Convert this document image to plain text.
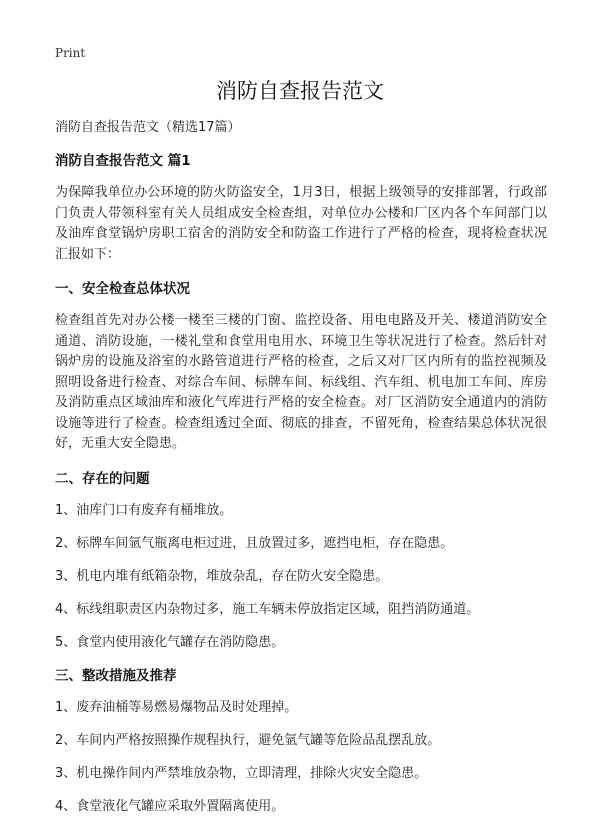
Print
消防自查报告范文
消防自查报告范文（精选17篇）
消防自查报告范文 篇1

为保障我单位办公环境的防火防盗安全，1月3日，根据上级领导的安排部署，行政部门负责人带领科室有关人员组成安全检查组，对单位办公楼和厂区内各个车间部门以及油库食堂锅炉房职工宿舍的消防安全和防盗工作进行了严格的检查，现将检查状况汇报如下：

一、安全检查总体状况

检查组首先对办公楼一楼至三楼的门窗、监控设备、用电电路及开关、楼道消防安全通道、消防设施，一楼礼堂和食堂用电用水、环境卫生等状况进行了检查。然后针对锅炉房的设施及浴室的水路管道进行严格的检查，之后又对厂区内所有的监控视频及照明设备进行检查、对综合车间、标牌车间、标线组、汽车组、机电加工车间、库房及消防重点区域油库和液化气库进行严格的安全检查。对厂区消防安全通道内的消防设施等进行了检查。检查组透过全面、彻底的排查，不留死角，检查结果总体状况很好，无重大安全隐患。

二、存在的问题
1、油库门口有废弃有桶堆放。
2、标牌车间氩气瓶离电柜过进，且放置过多，遮挡电柜，存在隐患。
3、机电内堆有纸箱杂物，堆放杂乱，存在防火安全隐患。
4、标线组职责区内杂物过多，施工车辆未停放指定区域，阻挡消防通道。
5、食堂内使用液化气罐存在消防隐患。
三、整改措施及推荐
1、废弃油桶等易燃易爆物品及时处理掉。
2、车间内严格按照操作规程执行，避免氩气罐等危险品乱摆乱放。
3、机电操作间内严禁堆放杂物，立即清理，排除火灾安全隐患。
4、食堂液化气罐应采取外置隔离使用。
